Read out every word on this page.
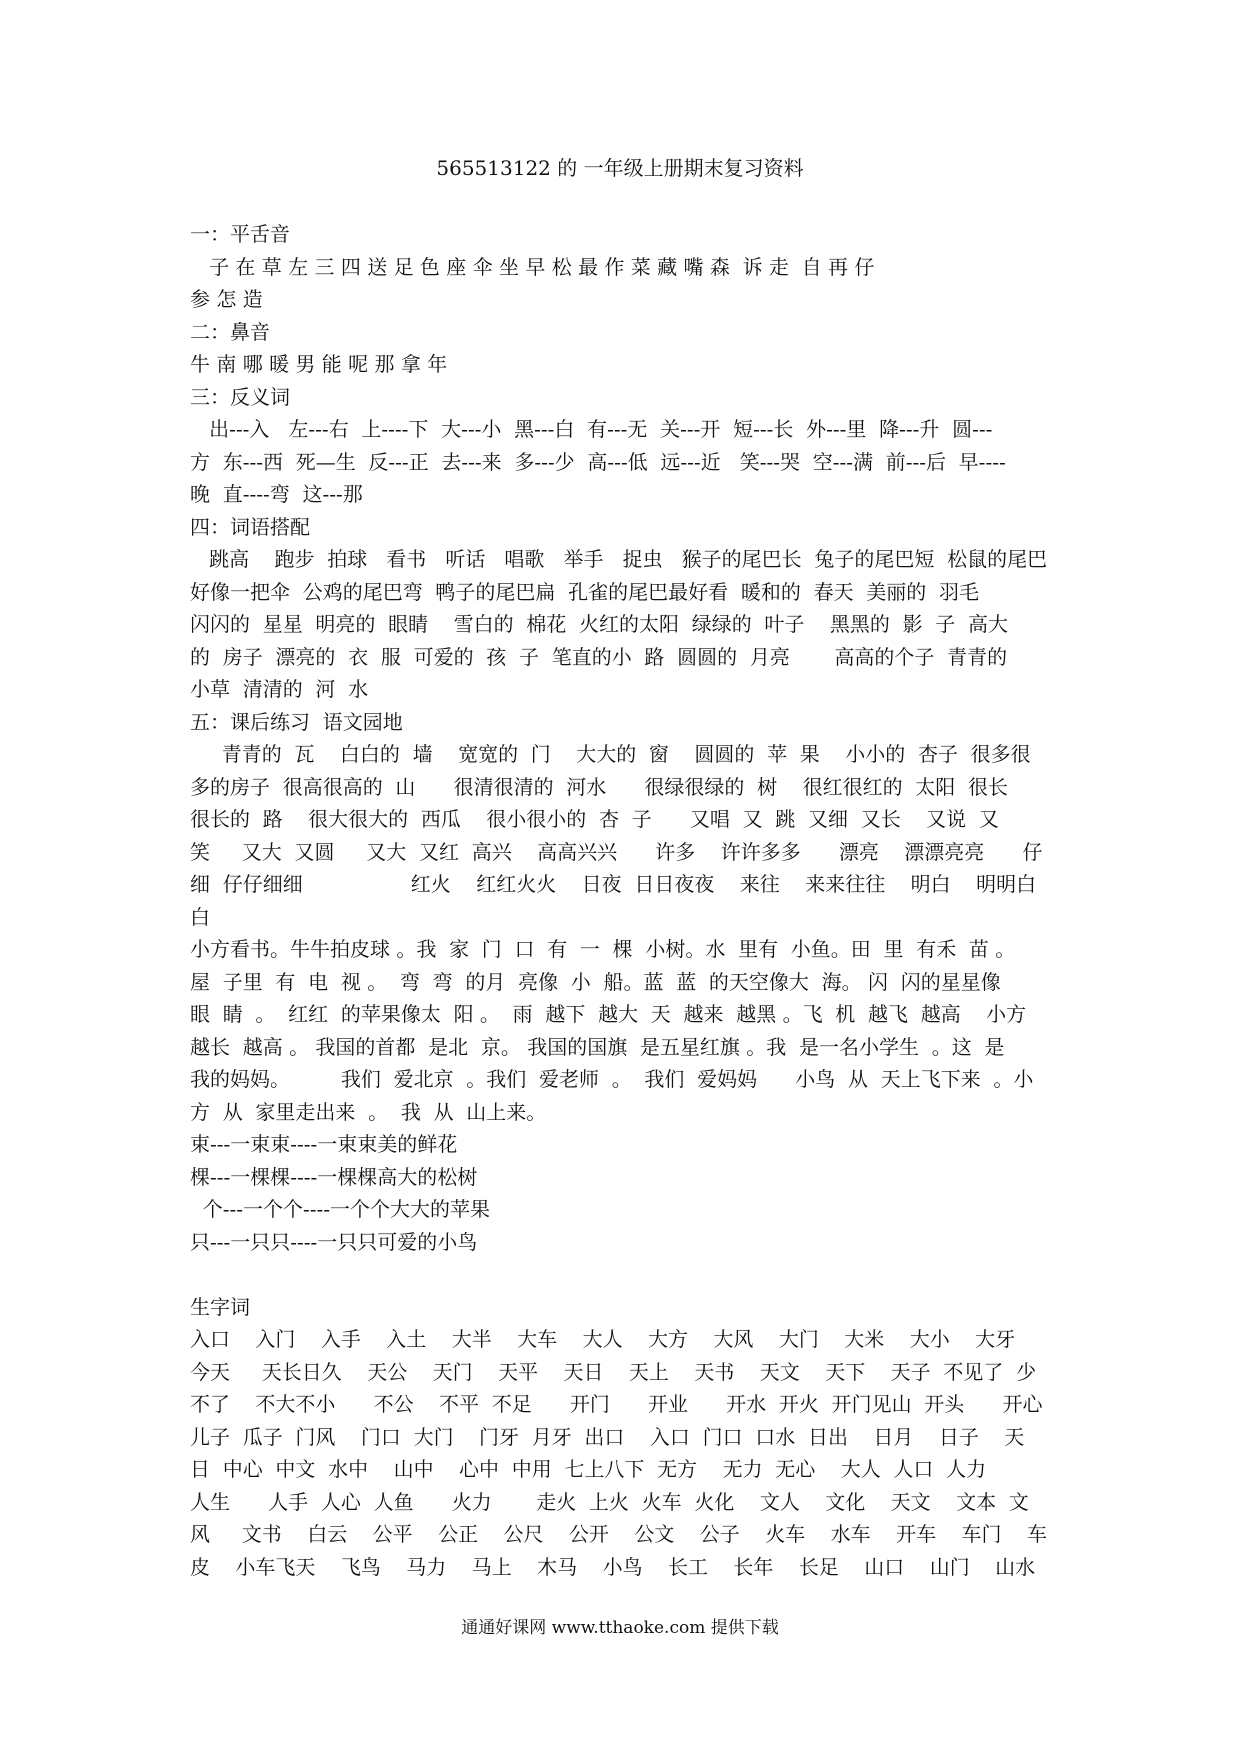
565513122 的 一年级上册期末复习资料
一：平舌音
子 在 草 左 三 四 送 足 色 座 伞 坐 早 松 最 作 菜 藏 嘴 森  诉 走  自 再 仔
参 怎 造
二：鼻音
牛 南 哪 暖 男 能 呢 那 拿 年
三：反义词
出---入   左---右  上----下  大---小  黑---白  有---无  关---开  短---长  外---里  降---升  圆---
方  东---西  死—生  反---正  去---来  多---少  高---低  远---近   笑---哭  空---满  前---后  早----
晚  直----弯  这---那
四：词语搭配
跳高    跑步  拍球   看书   听话   唱歌   举手   捉虫   猴子的尾巴长  兔子的尾巴短  松鼠的尾巴
好像一把伞  公鸡的尾巴弯  鸭子的尾巴扁  孔雀的尾巴最好看  暖和的  春天  美丽的  羽毛
闪闪的  星星  明亮的  眼睛    雪白的  棉花  火红的太阳  绿绿的  叶子    黑黑的  影  子  高大
的  房子  漂亮的  衣  服  可爱的  孩  子  笔直的小  路  圆圆的  月亮       高高的个子  青青的
小草  清清的  河  水
五：课后练习  语文园地
青青的  瓦    白白的  墙    宽宽的  门    大大的  窗    圆圆的  苹  果    小小的  杏子  很多很
多的房子  很高很高的  山      很清很清的  河水      很绿很绿的  树    很红很红的  太阳  很长
很长的  路    很大很大的  西瓜    很小很小的  杏  子      又唱  又  跳  又细  又长    又说  又
笑     又大  又圆     又大  又红  高兴    高高兴兴      许多    许许多多      漂亮    漂漂亮亮      仔
细  仔仔细细                 红火    红红火火    日夜  日日夜夜    来往    来来往往    明白    明明白
白
小方看书。牛牛拍皮球 。我  家  门  口  有  一  棵  小树。水  里有  小鱼。田  里  有禾  苗 。
屋  子里  有  电  视 。  弯  弯  的月  亮像  小  船。蓝  蓝  的天空像大  海。 闪  闪的星星像
眼  睛  。  红红  的苹果像太  阳 。  雨  越下  越大  天  越来  越黑 。飞  机  越飞  越高    小方
越长  越高 。 我国的首都  是北  京。 我国的国旗  是五星红旗 。我  是一名小学生  。这  是
我的妈妈。        我们  爱北京  。我们  爱老师  。  我们  爱妈妈      小鸟  从  天上飞下来  。小
方  从  家里走出来  。  我  从  山上来。
束---一束束----一束束美的鲜花
棵---一棵棵----一棵棵高大的松树
个---一个个----一个个大大的苹果
只---一只只----一只只可爱的小鸟
生字词
入口    入门    入手    入土    大半    大车    大人    大方    大风    大门    大米    大小    大牙
今天     天长日久    天公    天门    天平    天日    天上    天书    天文    天下    天子  不见了  少
不了    不大不小      不公    不平  不足      开门      开业      开水  开火  开门见山  开头      开心
儿子  瓜子  门风    门口  大门    门牙  月牙  出口    入口  门口  口水  日出    日月    日子    天
日  中心  中文  水中    山中    心中  中用  七上八下  无方    无力  无心    大人  人口  人力
人生      人手  人心  人鱼      火力       走火  上火  火车  火化    文人    文化    天文    文本  文
风     文书    白云    公平    公正    公尺    公开    公文    公子    火车    水车    开车    车门    车
皮    小车飞天    飞鸟    马力    马上    木马    小鸟    长工    长年    长足    山口    山门    山水
通通好课网 www.tthaoke.com 提供下载
